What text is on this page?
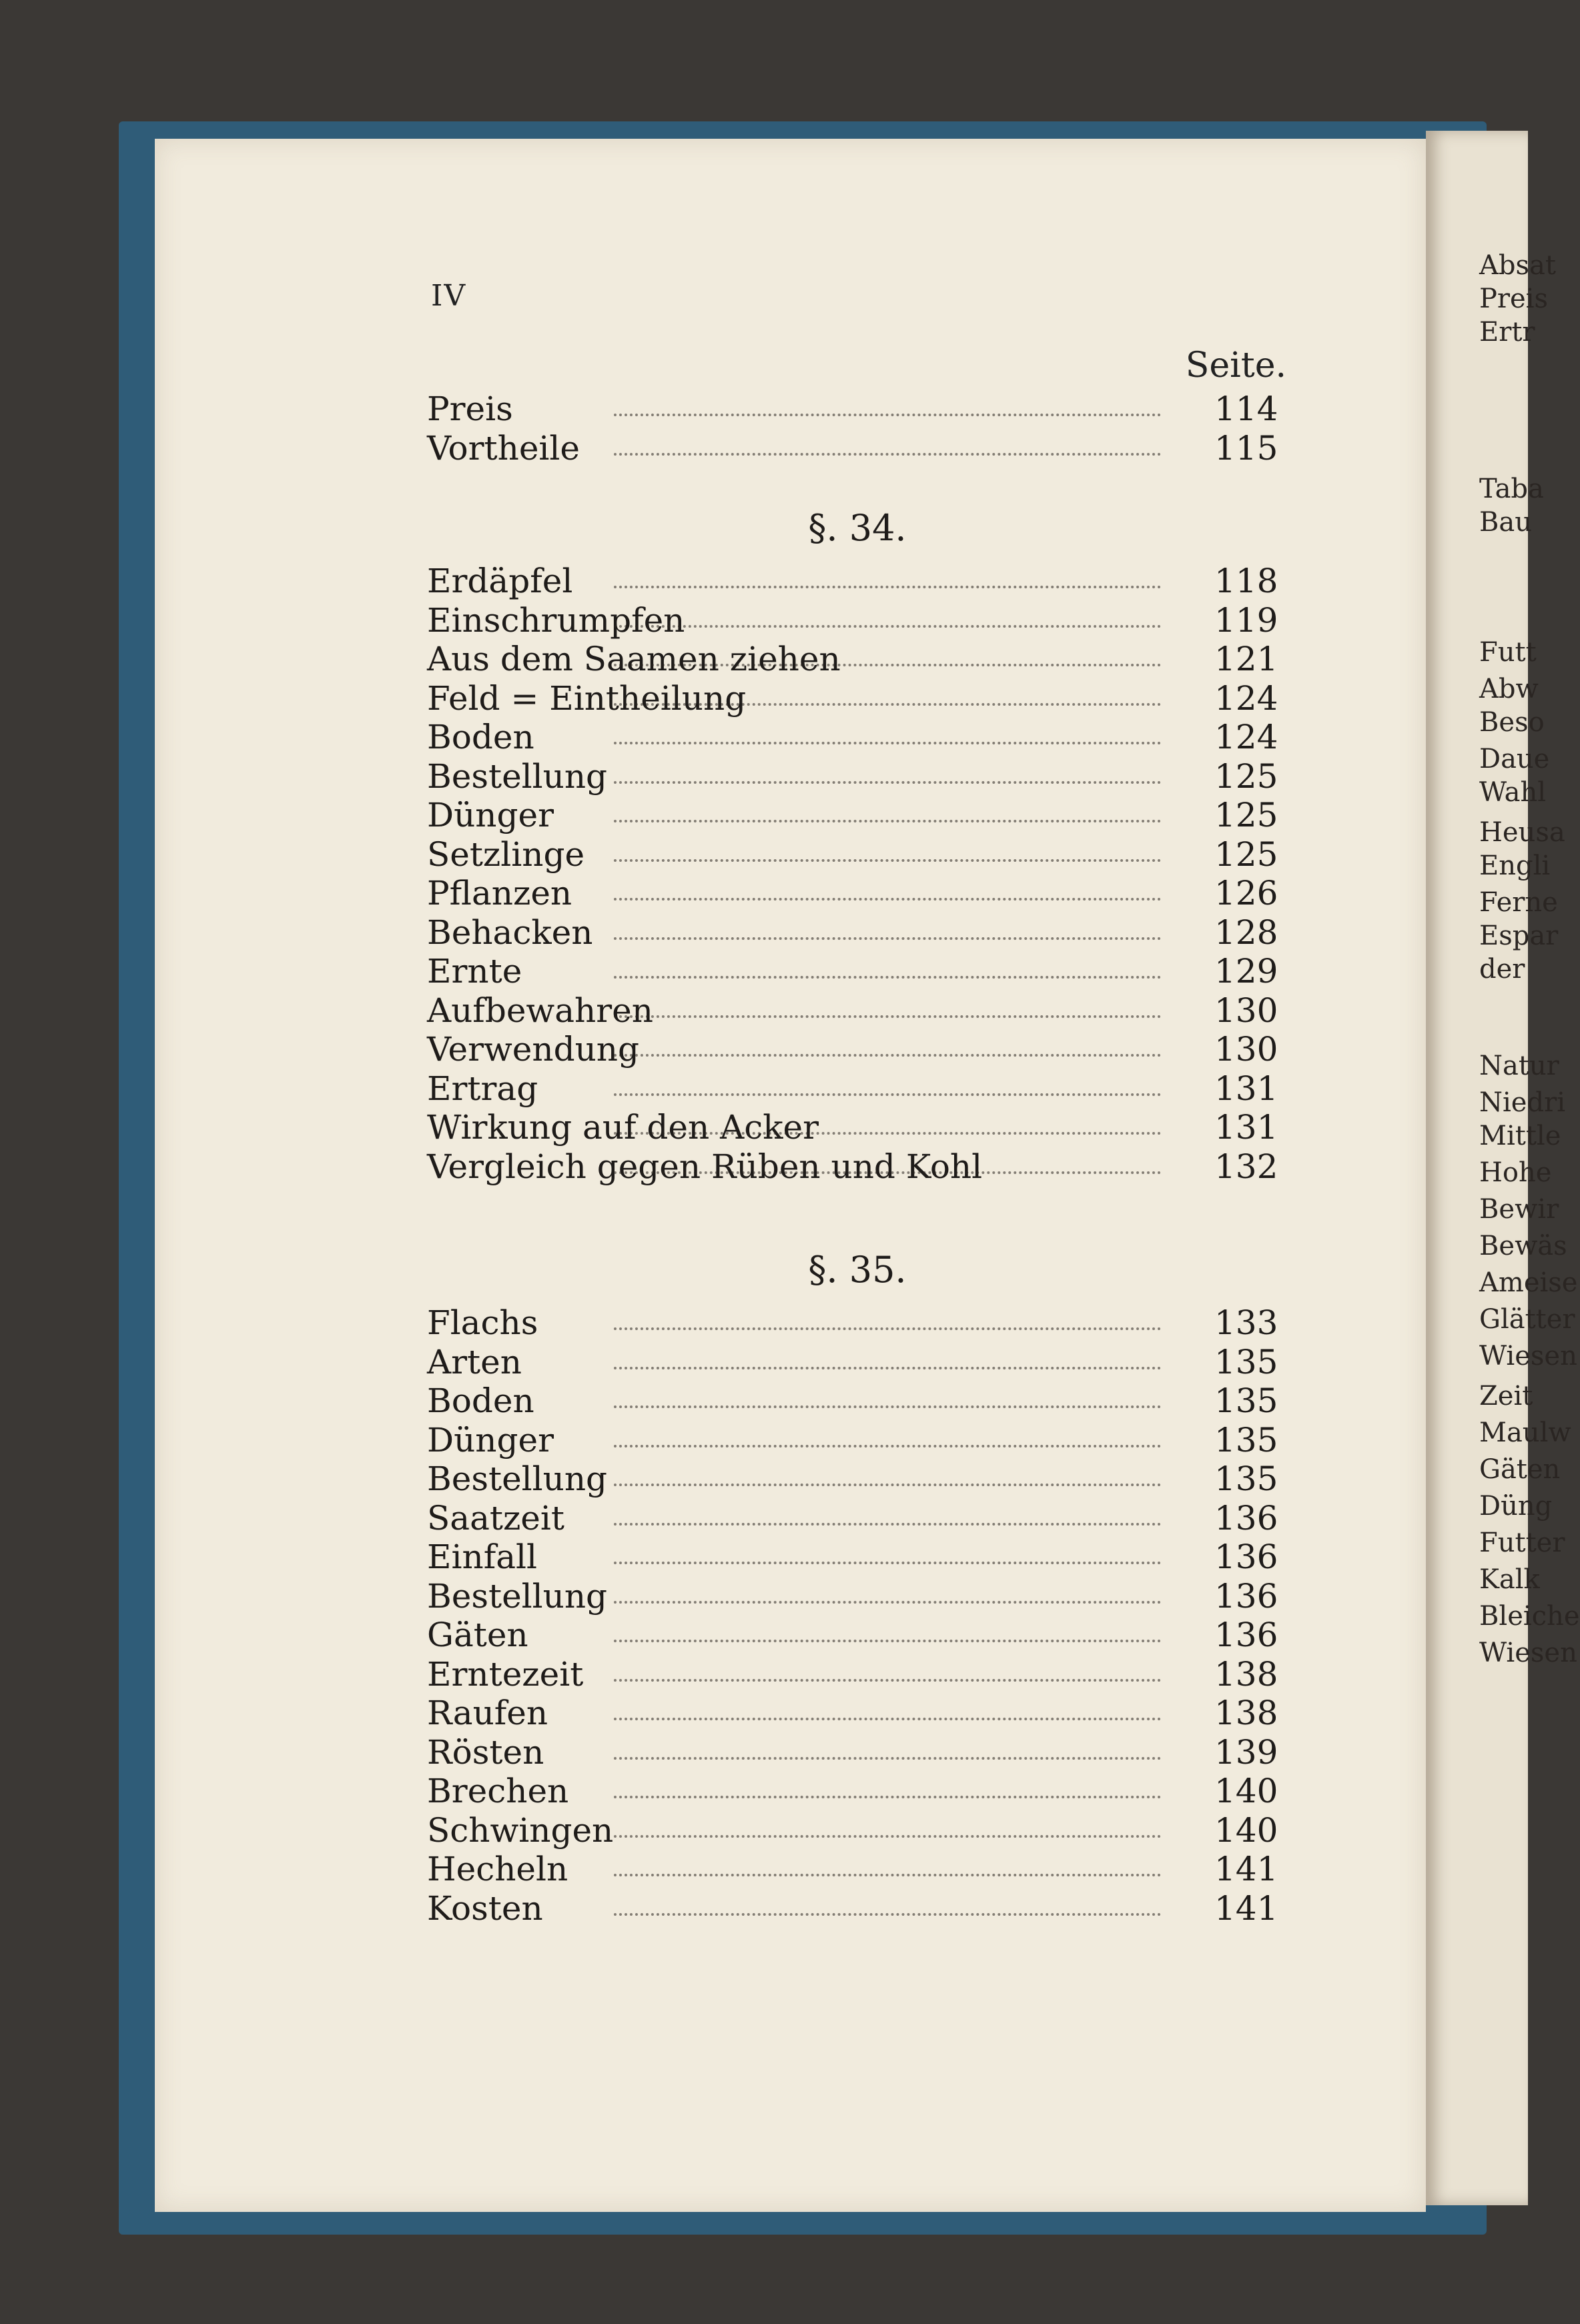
Absat
Preis
Ertr
Taba
Bau
Futt
Abw
Beso
Daue
Wahl
Heusa
Engli
Ferne
Espar
der
Natur
Niedri
Mittle
Hohe
Bewir
Bewäs
Ameise
Glätter
Wiesen
Zeit
Maulw
Gäten
Düng
Futter
Kalk
Bleiche
Wiesen
IV
Seite.
Preis	114
Vortheile	115
§. 34.
Erdäpfel	118
Einschrumpfen	119
Aus dem Saamen ziehen	121
Feld = Eintheilung	124
Boden	124
Bestellung	125
Dünger	125
Setzlinge	125
Pflanzen	126
Behacken	128
Ernte	129
Aufbewahren	130
Verwendung	130
Ertrag	131
Wirkung auf den Acker	131
Vergleich gegen Rüben und Kohl	132
§. 35.
Flachs	133
Arten	135
Boden	135
Dünger	135
Bestellung	135
Saatzeit	136
Einfall	136
Bestellung	136
Gäten	136
Erntezeit	138
Raufen	138
Rösten	139
Brechen	140
Schwingen	140
Hecheln	141
Kosten	141
